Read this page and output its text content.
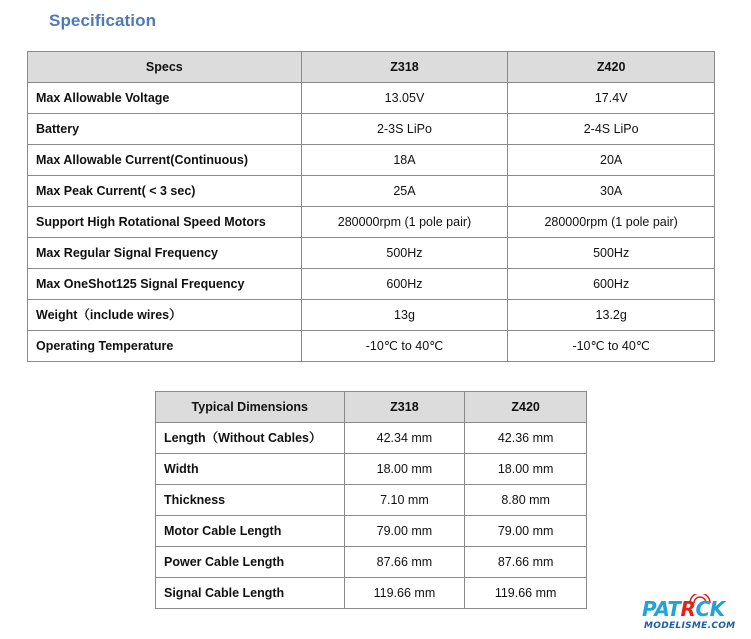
Specification
Specs	Z318	Z420
Max Allowable Voltage	13.05V	17.4V
Battery	2-3S LiPo	2-4S LiPo
Max Allowable Current(Continuous)	18A	20A
Max Peak Current( < 3 sec)	25A	30A
Support High Rotational Speed Motors	280000rpm (1 pole pair)	280000rpm (1 pole pair)
Max Regular Signal Frequency	500Hz	500Hz
Max OneShot125 Signal Frequency	600Hz	600Hz
Weight（include wires）	13g	13.2g
Operating Temperature	-10℃ to 40℃	-10℃ to 40℃
Typical Dimensions	Z318	Z420
Length（Without Cables）	42.34 mm	42.36 mm
Width	18.00 mm	18.00 mm
Thickness	7.10 mm	8.80 mm
Motor Cable Length	79.00 mm	79.00 mm
Power Cable Length	87.66 mm	87.66 mm
Signal Cable Length	119.66 mm	119.66 mm
PATRCK
MODELISME.COM
